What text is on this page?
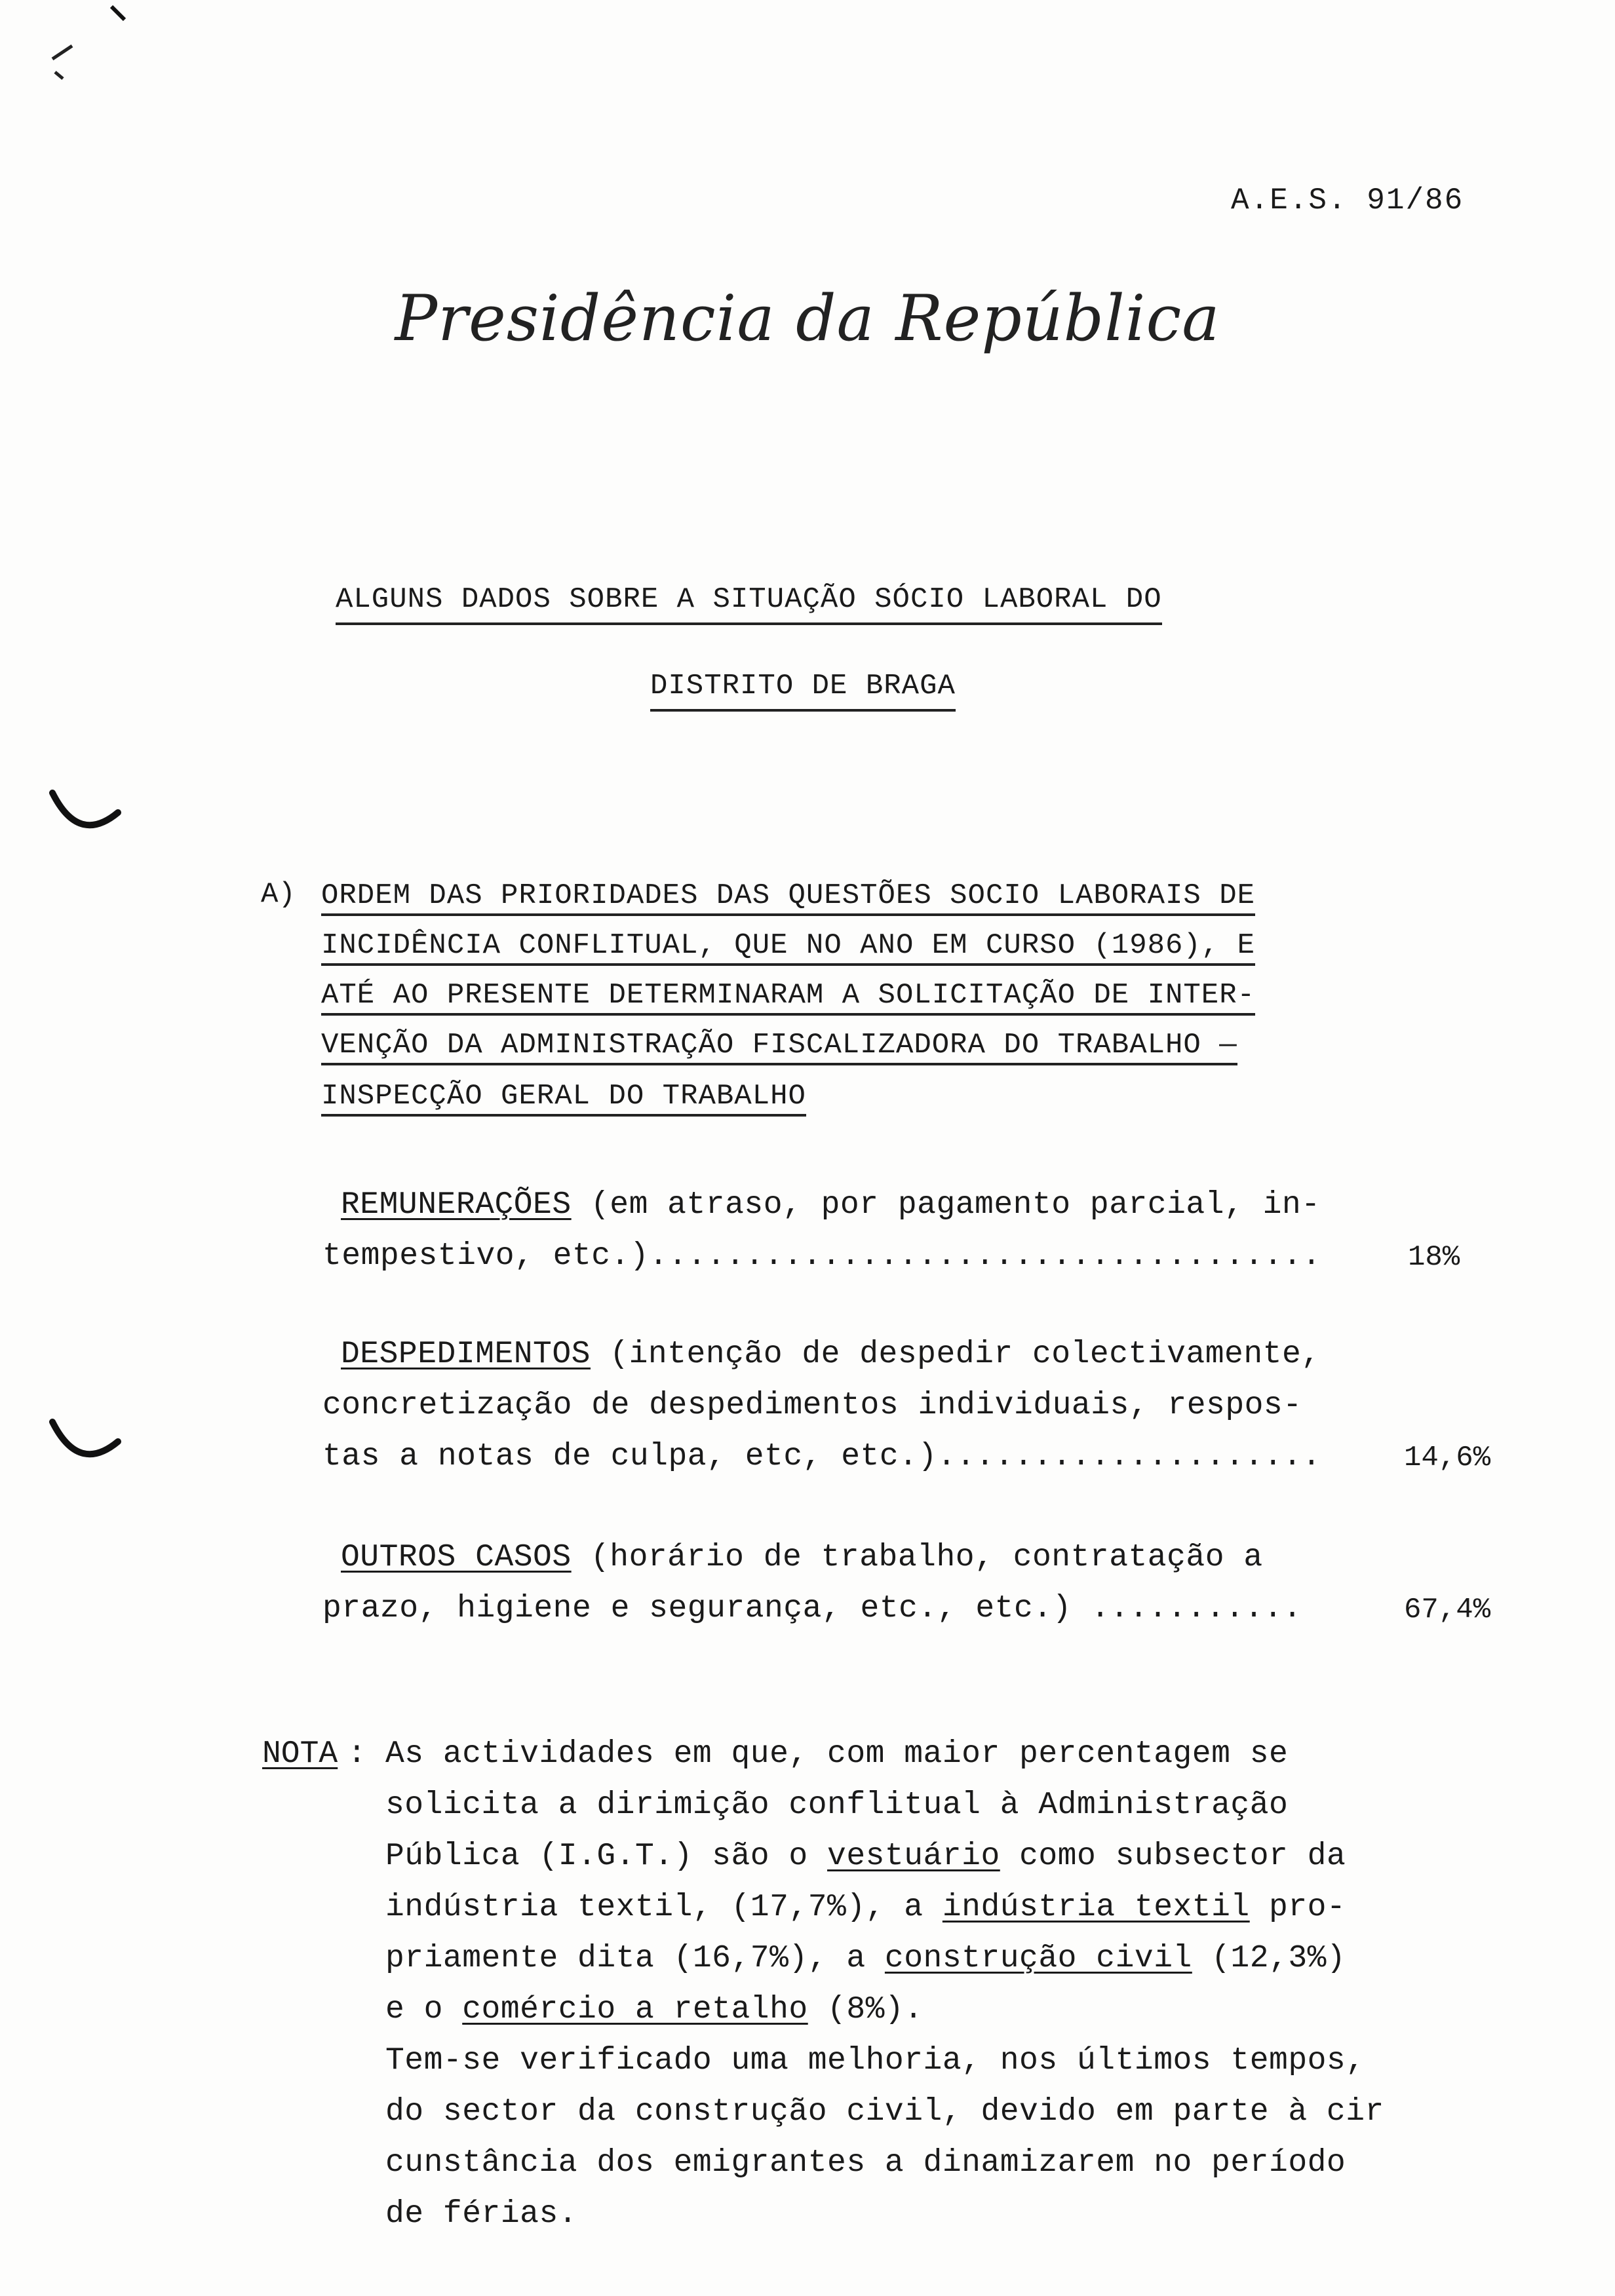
A.E.S. 91/86
Presidência da República
ALGUNS DADOS SOBRE A SITUAÇÃO SÓCIO LABORAL DO
DISTRITO DE BRAGA
A) ORDEM DAS PRIORIDADES DAS QUESTÕES SOCIO LABORAIS DE
INCIDÊNCIA CONFLITUAL, QUE NO ANO EM CURSO (1986), E
ATÉ AO PRESENTE DETERMINARAM A SOLICITAÇÃO DE INTER-
VENÇÃO DA ADMINISTRAÇÃO FISCALIZADORA DO TRABALHO —
INSPECÇÃO GERAL DO TRABALHO
REMUNERAÇÕES (em atraso, por pagamento parcial, in-
tempestivo, etc.)...................................	18%
DESPEDIMENTOS (intenção de despedir colectivamente,
concretização de despedimentos individuais, respos-
tas a notas de culpa, etc, etc.)....................	14,6%
OUTROS CASOS (horário de trabalho, contratação a
prazo, higiene e segurança, etc., etc.) ...........	67,4%
NOTA : As actividades em que, com maior percentagem se
solicita a dirimição conflitual à Administração
Pública (I.G.T.) são o vestuário como subsector da
indústria textil, (17,7%), a indústria textil pro-
priamente dita (16,7%), a construção civil (12,3%)
e o comércio a retalho (8%).
Tem-se verificado uma melhoria, nos últimos tempos,
do sector da construção civil, devido em parte à cir
cunstância dos emigrantes a dinamizarem no período
de férias.
